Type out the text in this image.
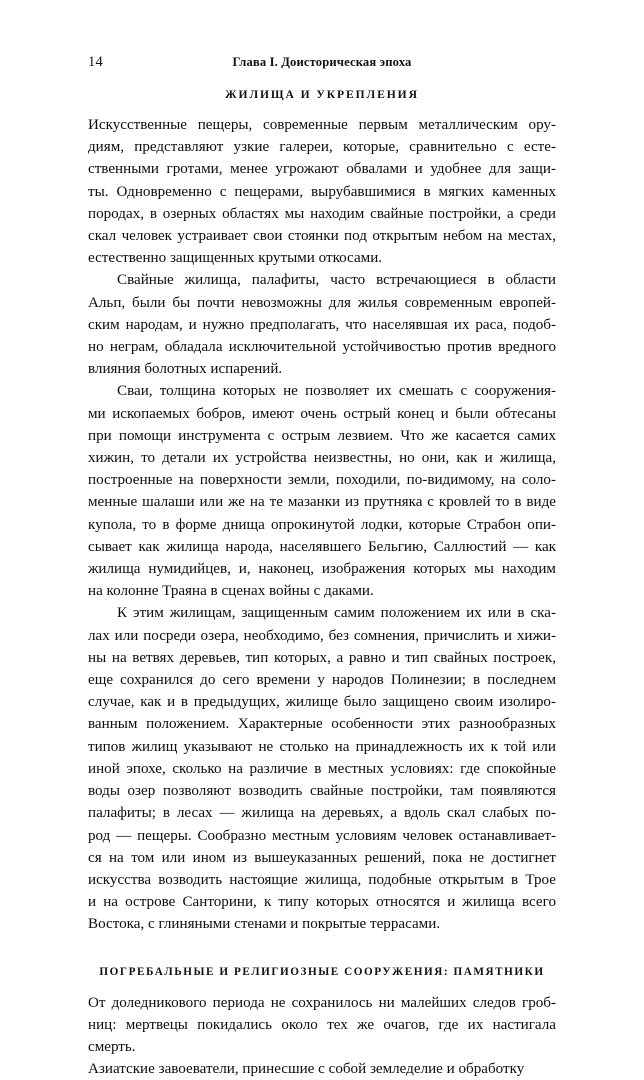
14	Глава I. Доисторическая эпоха
ЖИЛИЩА И УКРЕПЛЕНИЯ
Искусственные пещеры, современные первым металлическим ору-
диям, представляют узкие галереи, которые, сравнительно с есте-
ственными гротами, менее угрожают обвалами и удобнее для защи-
ты. Одновременно с пещерами, вырубавшимися в мягких каменных
породах, в озерных областях мы находим свайные постройки, а среди
скал человек устраивает свои стоянки под открытым небом на местах,
естественно защищенных крутыми откосами.
Свайные жилища, палафиты, часто встречающиеся в области
Альп, были бы почти невозможны для жилья современным европей-
ским народам, и нужно предполагать, что населявшая их раса, подоб-
но неграм, обладала исключительной устойчивостью против вредного
влияния болотных испарений.
Сваи, толщина которых не позволяет их смешать с сооружения-
ми ископаемых бобров, имеют очень острый конец и были обтесаны
при помощи инструмента с острым лезвием. Что же касается самих
хижин, то детали их устройства неизвестны, но они, как и жилища,
построенные на поверхности земли, походили, по-видимому, на соло-
менные шалаши или же на те мазанки из прутняка с кровлей то в виде
купола, то в форме днища опрокинутой лодки, которые Страбон опи-
сывает как жилища народа, населявшего Бельгию, Саллюстий — как
жилища нумидийцев, и, наконец, изображения которых мы находим
на колонне Траяна в сценах войны с даками.
К этим жилищам, защищенным самим положением их или в ска-
лах или посреди озера, необходимо, без сомнения, причислить и хижи-
ны на ветвях деревьев, тип которых, а равно и тип свайных построек,
еще сохранился до сего времени у народов Полинезии; в последнем
случае, как и в предыдущих, жилище было защищено своим изолиро-
ванным положением. Характерные особенности этих разнообразных
типов жилищ указывают не столько на принадлежность их к той или
иной эпохе, сколько на различие в местных условиях: где спокойные
воды озер позволяют возводить свайные постройки, там появляются
палафиты; в лесах — жилища на деревьях, а вдоль скал слабых по-
род — пещеры. Сообразно местным условиям человек останавливает-
ся на том или ином из вышеуказанных решений, пока не достигнет
искусства возводить настоящие жилища, подобные открытым в Трое
и на острове Санторини, к типу которых относятся и жилища всего
Востока, с глиняными стенами и покрытые террасами.
ПОГРЕБАЛЬНЫЕ И РЕЛИГИОЗНЫЕ СООРУЖЕНИЯ: ПАМЯТНИКИ
От доледникового периода не сохранилось ни малейших следов гроб-
ниц: мертвецы покидались около тех же очагов, где их настигала смерть.
Азиатские завоеватели, принесшие с собой земледелие и обработку
